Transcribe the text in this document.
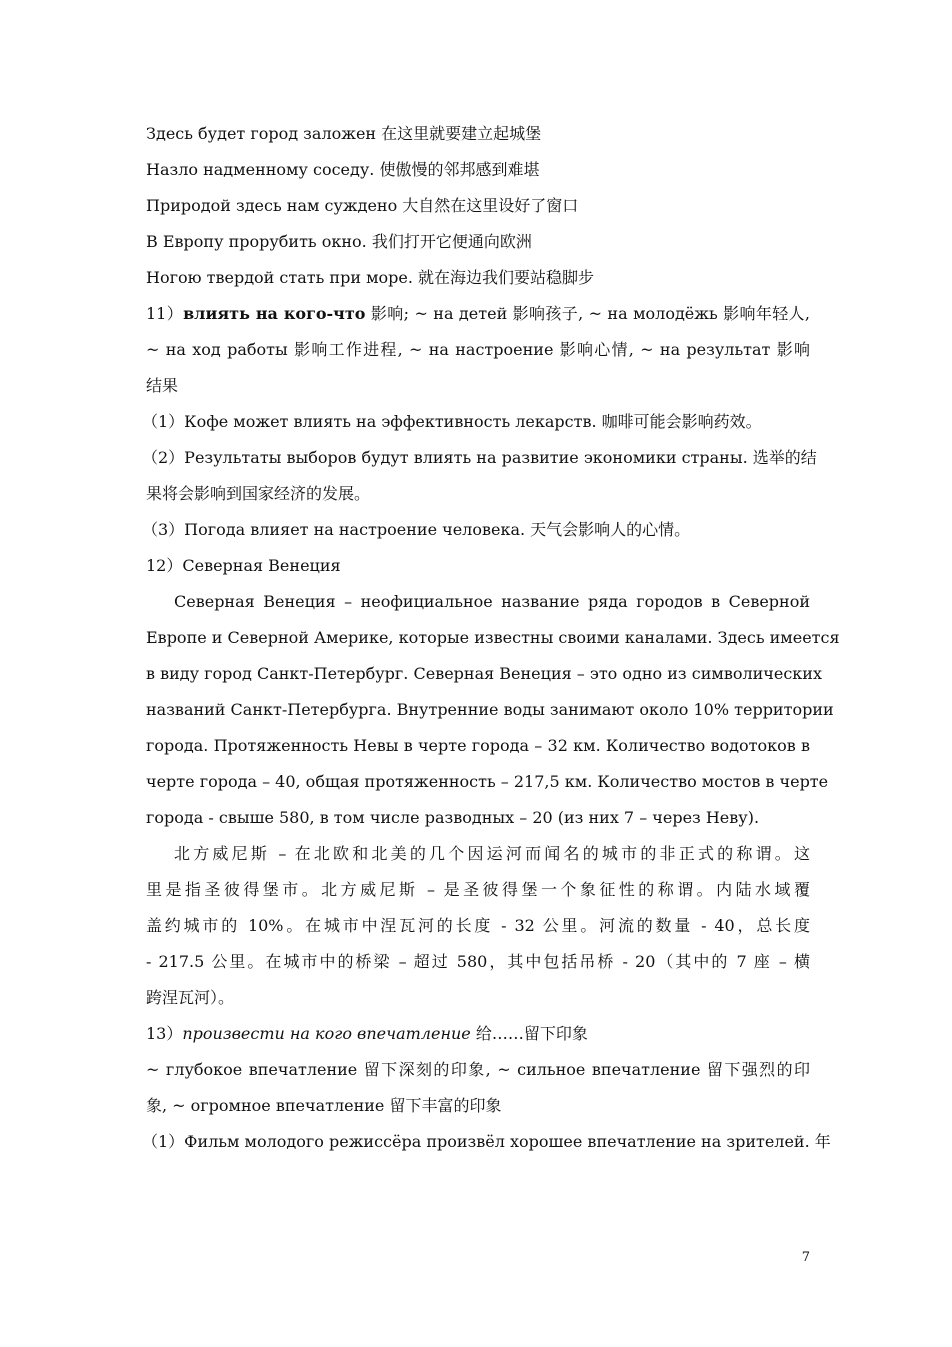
Здесь будет город заложен 在这里就要建立起城堡
Назло надменному соседу. 使傲慢的邻邦感到难堪
Природой здесь нам суждено 大自然在这里设好了窗口
В Европу прорубить окно. 我们打开它便通向欧洲
Ногою твердой стать при море. 就在海边我们要站稳脚步
11）влиять на кого-что 影响; ~ на детей 影响孩子, ~ на молодёжь 影响年轻人,
~ на ход работы 影响工作进程, ~ на настроение 影响心情, ~ на результат 影响
结果
（1）Кофе может влиять на эффективность лекарств. 咖啡可能会影响药效。
（2）Результаты выборов будут влиять на развитие экономики страны. 选举的结
果将会影响到国家经济的发展。
（3）Погода влияет на настроение человека. 天气会影响人的心情。
12）Северная Венеция
Северная Венеция – неофициальное название ряда городов в Северной
Европе и Северной Америке, которые известны своими каналами. Здесь имеется
в виду город Санкт-Петербург. Северная Венеция – это одно из символических
названий Санкт-Петербурга. Внутренние воды занимают около 10% территории
города. Протяженность Невы в черте города – 32 км. Количество водотоков в
черте города – 40, общая протяженность – 217,5 км. Количество мостов в черте
города - свыше 580, в том числе разводных – 20 (из них 7 – через Неву).
北方威尼斯 – 在北欧和北美的几个因运河而闻名的城市的非正式的称谓。这
里是指圣彼得堡市。北方威尼斯 – 是圣彼得堡一个象征性的称谓。内陆水域覆
盖约城市的 10%。在城市中涅瓦河的长度 - 32 公里。河流的数量 - 40，总长度
- 217.5 公里。在城市中的桥梁 – 超过 580，其中包括吊桥 - 20（其中的 7 座 – 横
跨涅瓦河）。
13）произвести на кого впечатление 给……留下印象
~ глубокое впечатление 留下深刻的印象, ~ сильное впечатление 留下强烈的印
象, ~ огромное впечатление 留下丰富的印象
（1）Фильм молодого режиссёра произвёл хорошее впечатление на зрителей. 年
7
